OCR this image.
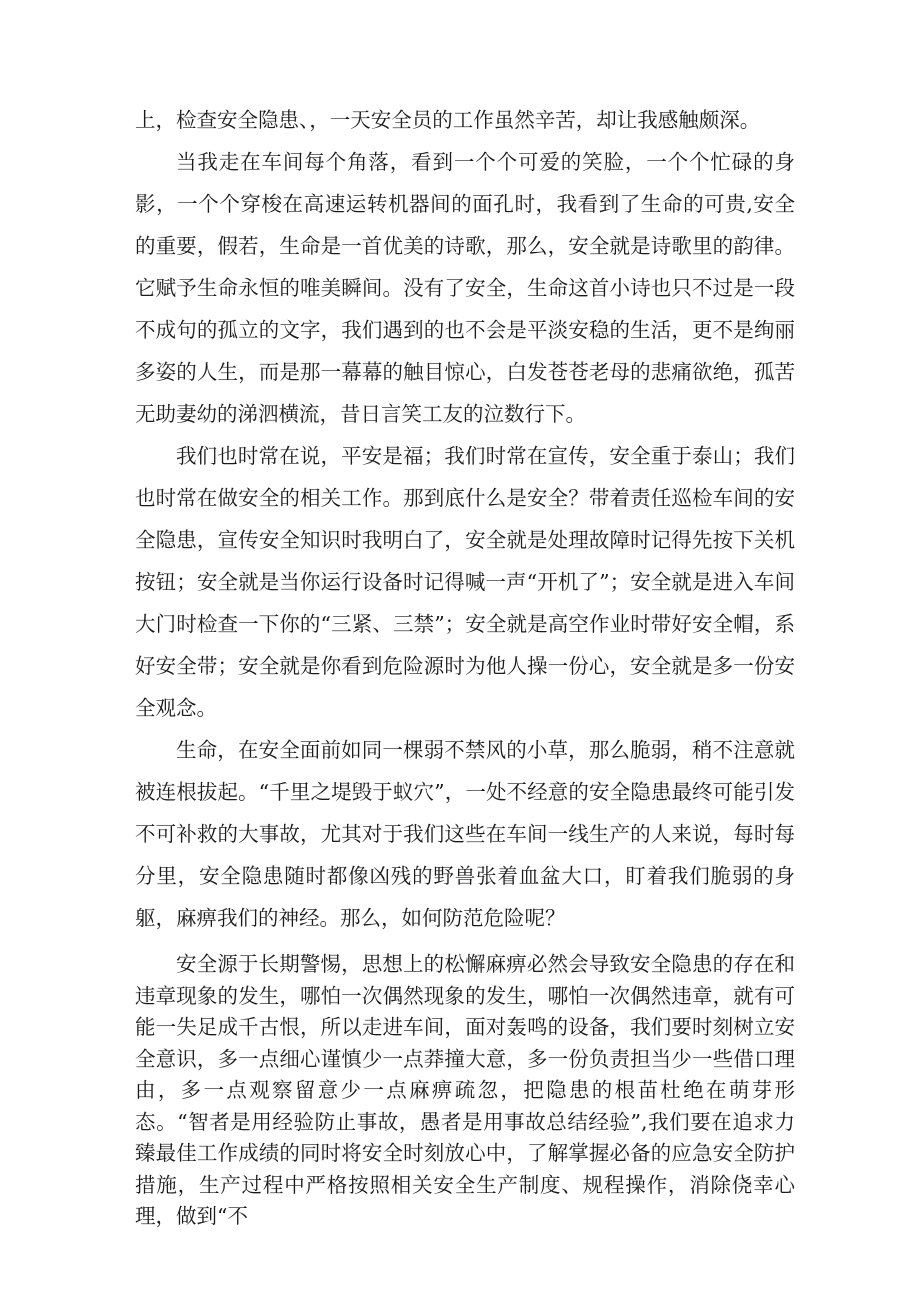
上，检查安全隐患、，一天安全员的工作虽然辛苦，却让我感触颇深。

当我走在车间每个角落，看到一个个可爱的笑脸，一个个忙碌的身影，一个个穿梭在高速运转机器间的面孔时，我看到了生命的可贵,安全的重要，假若，生命是一首优美的诗歌，那么，安全就是诗歌里的韵律。它赋予生命永恒的唯美瞬间。没有了安全，生命这首小诗也只不过是一段不成句的孤立的文字，我们遇到的也不会是平淡安稳的生活，更不是绚丽多姿的人生，而是那一幕幕的触目惊心，白发苍苍老母的悲痛欲绝，孤苦无助妻幼的涕泗横流，昔日言笑工友的泣数行下。

我们也时常在说，平安是福；我们时常在宣传，安全重于泰山；我们也时常在做安全的相关工作。那到底什么是安全？带着责任巡检车间的安全隐患，宣传安全知识时我明白了，安全就是处理故障时记得先按下关机按钮；安全就是当你运行设备时记得喊一声“开机了”；安全就是进入车间大门时检查一下你的“三紧、三禁”；安全就是高空作业时带好安全帽，系好安全带；安全就是你看到危险源时为他人操一份心，安全就是多一份安全观念。

生命，在安全面前如同一棵弱不禁风的小草，那么脆弱，稍不注意就被连根拔起。“千里之堤毁于蚁穴”，一处不经意的安全隐患最终可能引发不可补救的大事故，尤其对于我们这些在车间一线生产的人来说，每时每分里，安全隐患随时都像凶残的野兽张着血盆大口，盯着我们脆弱的身躯，麻痹我们的神经。那么，如何防范危险呢？

安全源于长期警惕，思想上的松懈麻痹必然会导致安全隐患的存在和违章现象的发生，哪怕一次偶然现象的发生，哪怕一次偶然违章，就有可能一失足成千古恨，所以走进车间，面对轰鸣的设备，我们要时刻树立安全意识，多一点细心谨慎少一点莽撞大意，多一份负责担当少一些借口理由，多一点观察留意少一点麻痹疏忽，把隐患的根苗杜绝在萌芽形态。“智者是用经验防止事故，愚者是用事故总结经验”,我们要在追求力臻最佳工作成绩的同时将安全时刻放心中，了解掌握必备的应急安全防护措施，生产过程中严格按照相关安全生产制度、规程操作，消除侥幸心理，做到“不
